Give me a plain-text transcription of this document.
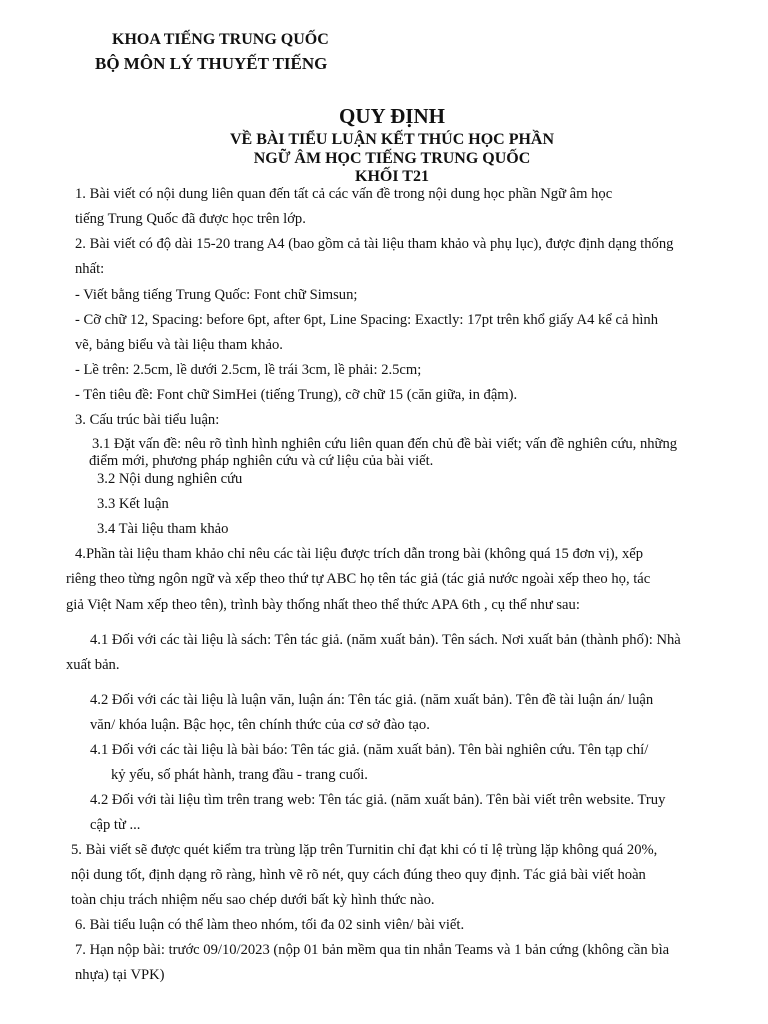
KHOA TIẾNG TRUNG QUỐC
BỘ MÔN LÝ THUYẾT TIẾNG
QUY ĐỊNH
VỀ BÀI TIỂU LUẬN KẾT THÚC HỌC PHẦN
NGỮ ÂM HỌC TIẾNG TRUNG QUỐC
KHỐI T21
1. Bài viết có nội dung liên quan đến tất cả các vấn đề trong nội dung học phần Ngữ âm học
tiếng Trung Quốc đã được học trên lớp.
2. Bài viết có độ dài 15-20 trang A4 (bao gồm cả tài liệu tham khảo và phụ lục), được định dạng thống
nhất:
- Viết bằng tiếng Trung Quốc: Font chữ Simsun;
- Cỡ chữ 12, Spacing: before 6pt, after 6pt, Line Spacing: Exactly: 17pt trên khổ giấy A4 kể cả hình
vẽ, bảng biểu và tài liệu tham khảo.
- Lề trên: 2.5cm, lề dưới 2.5cm, lề trái 3cm, lề phải: 2.5cm;
- Tên tiêu đề: Font chữ SimHei (tiếng Trung), cỡ chữ 15 (căn giữa, in đậm).
3. Cấu trúc bài tiểu luận:
3.1 Đặt vấn đề: nêu rõ tình hình nghiên cứu liên quan đến chủ đề bài viết; vấn đề nghiên cứu, những
điểm mới, phương pháp nghiên cứu và cứ liệu của bài viết.
3.2 Nội dung nghiên cứu
3.3 Kết luận
3.4 Tài liệu tham khảo
4.Phần tài liệu tham khảo chỉ nêu các tài liệu được trích dẫn trong bài (không quá 15 đơn vị), xếp
riêng theo từng ngôn ngữ và xếp theo thứ tự ABC họ tên tác giả (tác giả nước ngoài xếp theo họ, tác
giả Việt Nam xếp theo tên), trình bày thống nhất theo thể thức APA 6th , cụ thể như sau:
4.1 Đối với các tài liệu là sách: Tên tác giả. (năm xuất bản). Tên sách. Nơi xuất bản (thành phố): Nhà
xuất bản.
4.2 Đối với các tài liệu là luận văn, luận án: Tên tác giả. (năm xuất bản). Tên đề tài luận án/ luận
văn/ khóa luận. Bậc học, tên chính thức của cơ sở đào tạo.
4.1 Đối với các tài liệu là bài báo: Tên tác giả. (năm xuất bản). Tên bài nghiên cứu. Tên tạp chí/
kỷ yếu, số phát hành, trang đầu - trang cuối.
4.2 Đối với tài liệu tìm trên trang web: Tên tác giả. (năm xuất bản). Tên bài viết trên website. Truy
cập từ ...
5. Bài viết sẽ được quét kiểm tra trùng lặp trên Turnitin chỉ đạt khi có tỉ lệ trùng lặp không quá 20%,
nội dung tốt, định dạng rõ ràng, hình vẽ rõ nét, quy cách đúng theo quy định. Tác giả bài viết hoàn
toàn chịu trách nhiệm nếu sao chép dưới bất kỳ hình thức nào.
6. Bài tiểu luận có thể làm theo nhóm, tối đa 02 sinh viên/ bài viết.
7. Hạn nộp bài: trước 09/10/2023 (nộp 01 bản mềm qua tin nhắn Teams và 1 bản cứng (không cần bìa
nhựa) tại VPK)
